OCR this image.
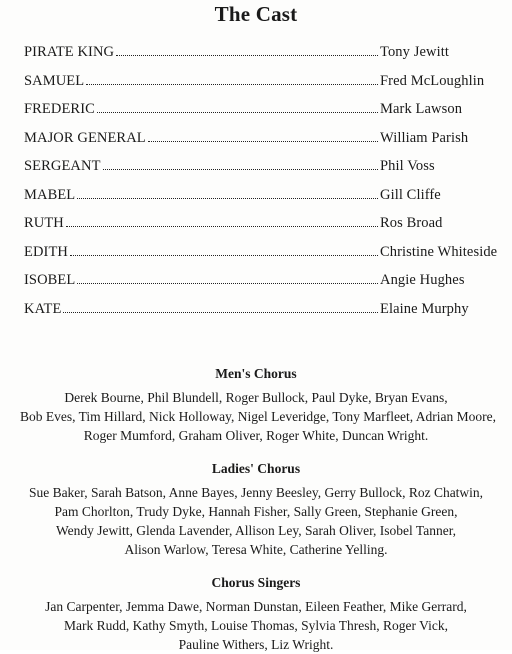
The Cast
PIRATE KING	Tony Jewitt
SAMUEL	Fred McLoughlin
FREDERIC	Mark Lawson
MAJOR GENERAL	William Parish
SERGEANT	Phil Voss
MABEL	Gill Cliffe
RUTH	Ros Broad
EDITH	Christine Whiteside
ISOBEL	Angie Hughes
KATE	Elaine Murphy
Men's Chorus
Derek Bourne, Phil Blundell, Roger Bullock, Paul Dyke, Bryan Evans,
Bob Eves, Tim Hillard, Nick Holloway, Nigel Leveridge, Tony Marfleet, Adrian Moore,
Roger Mumford, Graham Oliver, Roger White, Duncan Wright.
Ladies' Chorus
Sue Baker, Sarah Batson, Anne Bayes, Jenny Beesley, Gerry Bullock, Roz Chatwin,
Pam Chorlton, Trudy Dyke, Hannah Fisher, Sally Green, Stephanie Green,
Wendy Jewitt, Glenda Lavender, Allison Ley, Sarah Oliver, Isobel Tanner,
Alison Warlow, Teresa White, Catherine Yelling.
Chorus Singers
Jan Carpenter, Jemma Dawe, Norman Dunstan, Eileen Feather, Mike Gerrard,
Mark Rudd, Kathy Smyth, Louise Thomas, Sylvia Thresh, Roger Vick,
Pauline Withers, Liz Wright.
